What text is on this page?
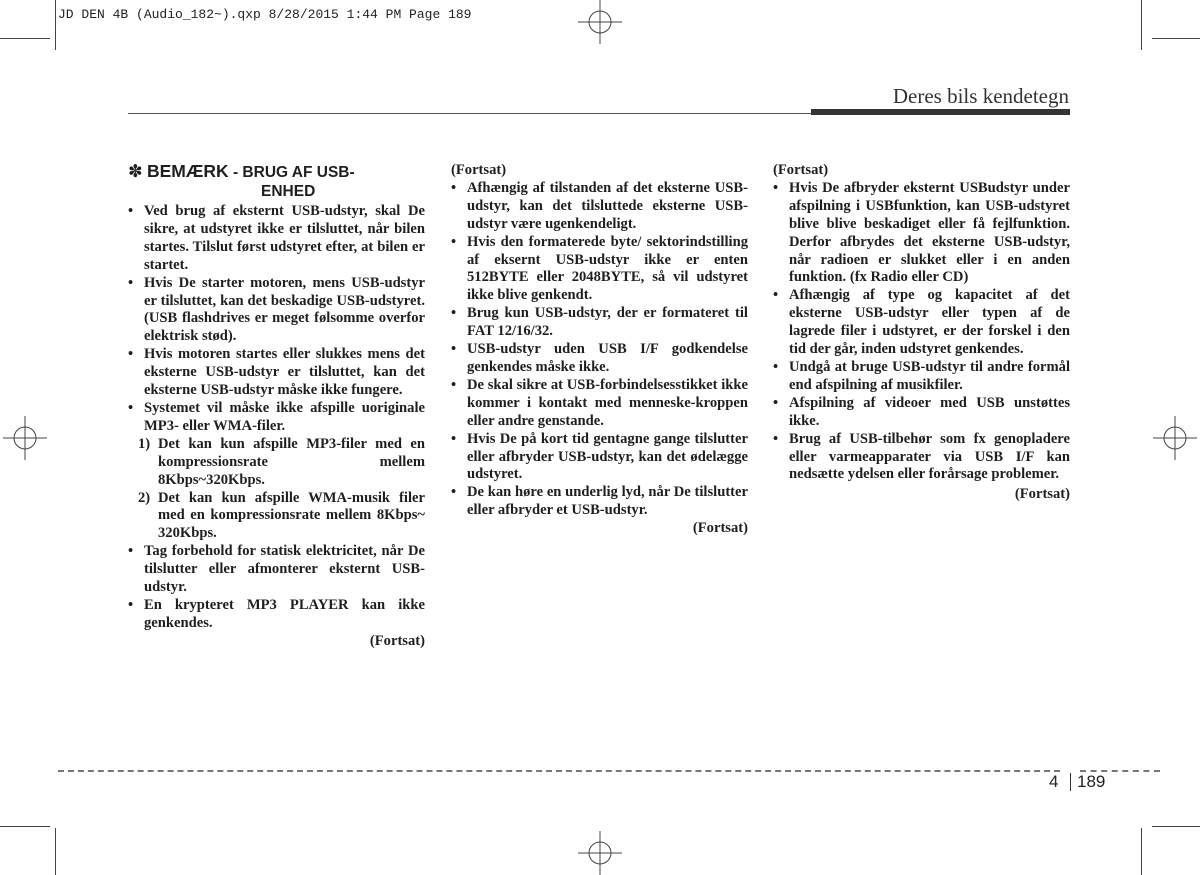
JD DEN 4B (Audio_182~).qxp 8/28/2015 1:44 PM Page 189
Deres bils kendetegn
✽ BEMÆRK - BRUG AF USB-
ENHED
• Ved brug af eksternt USB-udstyr, skal De sikre, at udstyret ikke er tilsluttet, når bilen startes. Tilslut først udstyret efter, at bilen er startet.
• Hvis De starter motoren, mens USB-udstyr er tilsluttet, kan det beskadige USB-udstyret. (USB flashdrives er meget følsomme overfor elektrisk stød).
• Hvis motoren startes eller slukkes mens det eksterne USB-udstyr er tilsluttet, kan det eksterne USB-udstyr måske ikke fungere.
• Systemet vil måske ikke afspille uoriginale MP3- eller WMA-filer.
1) Det kan kun afspille MP3-filer med en kompressionsrate mellem 8Kbps~320Kbps.
2) Det kan kun afspille WMA-musik filer med en kompressionsrate mellem 8Kbps~ 320Kbps.
• Tag forbehold for statisk elektricitet, når De tilslutter eller afmonterer eksternt USB-udstyr.
• En krypteret MP3 PLAYER kan ikke genkendes.

(Fortsat)

(Fortsat)

• Afhængig af tilstanden af det eksterne USB-udstyr, kan det tilsluttede eksterne USB-udstyr være ugenkendeligt.
• Hvis den formaterede byte/ sektorindstilling af eksernt USB-udstyr ikke er enten 512BYTE eller 2048BYTE, så vil udstyret ikke blive genkendt.
• Brug kun USB-udstyr, der er formateret til FAT 12/16/32.
• USB-udstyr uden USB I/F godkendelse genkendes måske ikke.
• De skal sikre at USB-forbindelsesstikket ikke kommer i kontakt med menneske-kroppen eller andre genstande.
• Hvis De på kort tid gentagne gange tilslutter eller afbryder USB-udstyr, kan det ødelægge udstyret.
• De kan høre en underlig lyd, når De tilslutter eller afbryder et USB-udstyr.

(Fortsat)

(Fortsat)

• Hvis De afbryder eksternt USBudstyr under afspilning i USBfunktion, kan USB-udstyret blive blive beskadiget eller få fejlfunktion. Derfor afbrydes det eksterne USB-udstyr, når radioen er slukket eller i en anden funktion. (fx Radio eller CD)
• Afhængig af type og kapacitet af det eksterne USB-udstyr eller typen af de lagrede filer i udstyret, er der forskel i den tid der går, inden udstyret genkendes.
• Undgå at bruge USB-udstyr til andre formål end afspilning af musikfiler.
• Afspilning af videoer med USB unstøttes ikke.
• Brug af USB-tilbehør som fx genopladere eller varmeapparater via USB I/F kan nedsætte ydelsen eller forårsage problemer.

(Fortsat)

4 189
